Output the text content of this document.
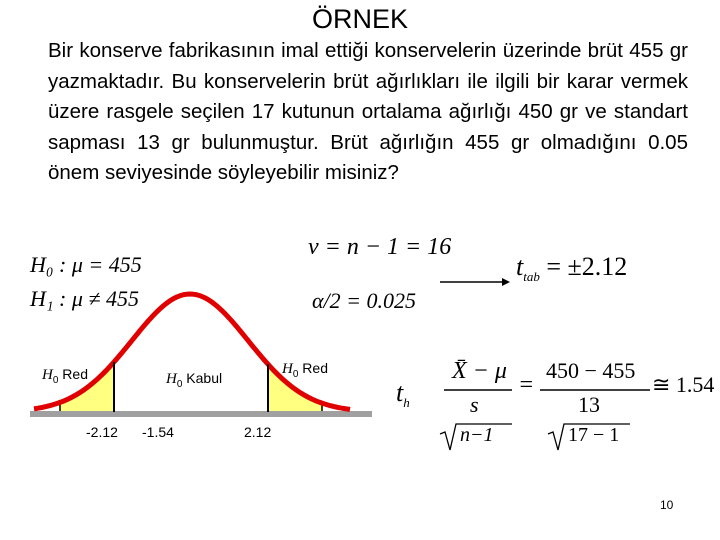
ÖRNEK
Bir konserve fabrikasının imal ettiği konservelerin üzerinde brüt 455 gr yazmaktadır. Bu konservelerin brüt ağırlıkları ile ilgili bir karar vermek üzere rasgele seçilen 17 kutunun ortalama ağırlığı 450 gr ve standart sapması 13 gr bulunmuştur. Brüt ağırlığın 455 gr olmadığını 0.05 önem seviyesinde söyleyebilir misiniz?
H₀ : μ = 455
H₁ : μ ≠ 455
v = n − 1 = 16
α/2 = 0.025
$t_{tab} = \pm 2.12$
$H_0$ Red	$H_0$ Kabul
$H_0$ Red
-2.12 -1.54	2.12
$t_h$
X̄ − μ
s
n−1
=
450 − 455
13
17 − 1
≅ 1.54
10
